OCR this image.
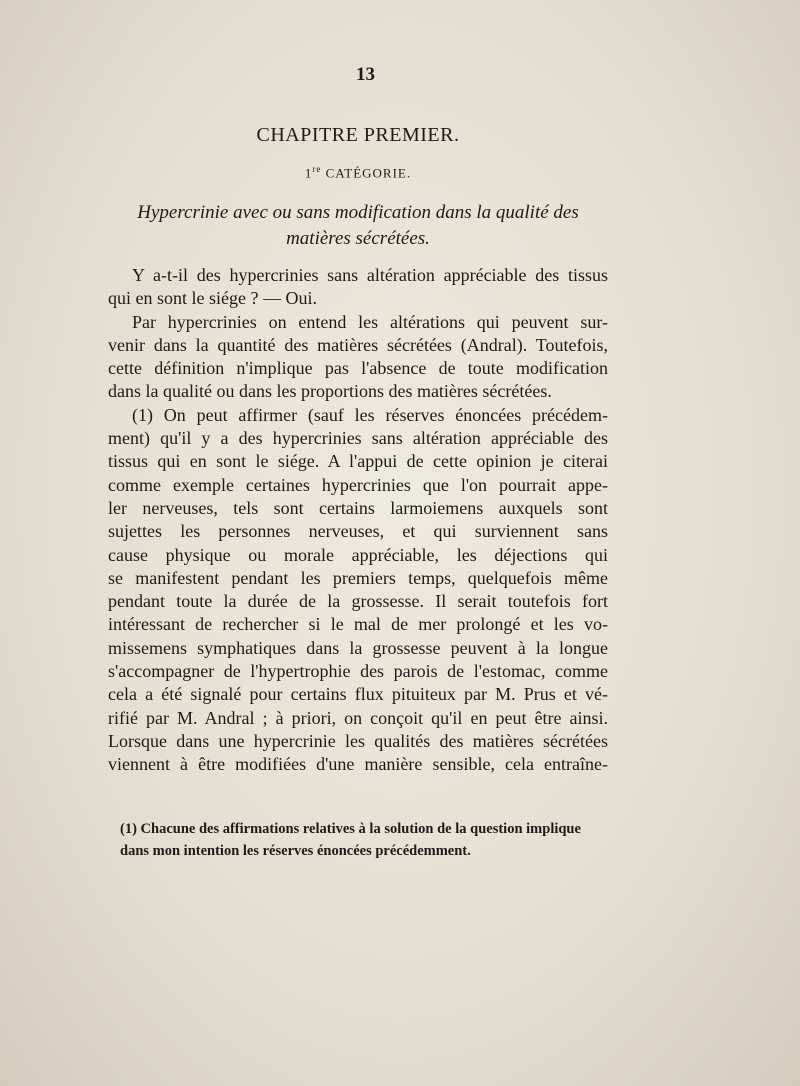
13
CHAPITRE PREMIER.
1re CATÉGORIE.
Hypercrinie avec ou sans modification dans la qualité des
matières sécrétées.
Y a-t-il des hypercrinies sans altération appréciable des tissus
qui en sont le siége ? — Oui.
Par hypercrinies on entend les altérations qui peuvent sur-
venir dans la quantité des matières sécrétées (Andral). Toutefois,
cette définition n'implique pas l'absence de toute modification
dans la qualité ou dans les proportions des matières sécrétées.
(1) On peut affirmer (sauf les réserves énoncées précédem-
ment) qu'il y a des hypercrinies sans altération appréciable des
tissus qui en sont le siége. A l'appui de cette opinion je citerai
comme exemple certaines hypercrinies que l'on pourrait appe-
ler nerveuses, tels sont certains larmoiemens auxquels sont
sujettes les personnes nerveuses, et qui surviennent sans
cause physique ou morale appréciable, les déjections qui
se manifestent pendant les premiers temps, quelquefois même
pendant toute la durée de la grossesse. Il serait toutefois fort
intéressant de rechercher si le mal de mer prolongé et les vo-
missemens symphatiques dans la grossesse peuvent à la longue
s'accompagner de l'hypertrophie des parois de l'estomac, comme
cela a été signalé pour certains flux pituiteux par M. Prus et vé-
rifié par M. Andral ; à priori, on conçoit qu'il en peut être ainsi.
Lorsque dans une hypercrinie les qualités des matières sécrétées
viennent à être modifiées d'une manière sensible, cela entraîne-
(1) Chacune des affirmations relatives à la solution de la question implique
dans mon intention les réserves énoncées précédemment.
